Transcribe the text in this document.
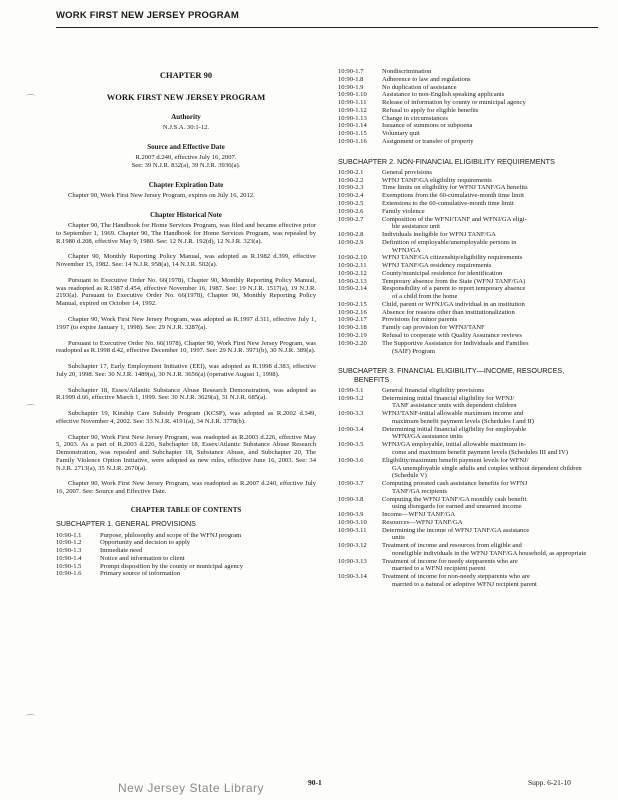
WORK FIRST NEW JERSEY PROGRAM
⌒
⌒
⌒
CHAPTER 90
WORK FIRST NEW JERSEY PROGRAM
Authority
N.J.S.A. 30:1-12.
Source and Effective Date
R.2007 d.240, effective July 16, 2007.
See: 39 N.J.R. 832(a), 39 N.J.R. 3936(a).
Chapter Expiration Date

Chapter 90, Work First New Jersey Program, expires on July 16, 2012.

Chapter Historical Note

Chapter 90, The Handbook for Home Services Program, was filed and became effective prior to September 1, 1969. Chapter 90, The Handbook for Home Services Program, was repealed by R.1980 d.208, effective May 9, 1980. See: 12 N.J.R. 192(d), 12 N.J.R. 323(a).

Chapter 90, Monthly Reporting Policy Manual, was adopted as R.1982 d.399, effective November 15, 1982. See: 14 N.J.R. 958(a), 14 N.J.R. 502(a).

Pursuant to Executive Order No. 66(1978), Chapter 90, Monthly Reporting Policy Manual, was readopted as R.1987 d.454, effective November 16, 1987. See: 19 N.J.R. 1517(a), 19 N.J.R. 2193(a). Pursuant to Executive Order No. 66(1978), Chapter 90, Monthly Reporting Policy Manual, expired on October 14, 1992.

Chapter 90, Work First New Jersey Program, was adopted as R.1997 d.311, effective July 1, 1997 (to expire January 1, 1998). See: 29 N.J.R. 3287(a).

Pursuant to Executive Order No. 66(1978), Chapter 90, Work First New Jersey Program, was readopted as R.1998 d.42, effective December 10, 1997. See: 29 N.J.R. 3971(b), 30 N.J.R. 389(a).

Subchapter 17, Early Employment Initiative (EEI), was adopted as R.1998 d.383, effective July 20, 1998. See: 30 N.J.R. 1489(a), 30 N.J.R. 3656(a) (operative August 1, 1998).

Subchapter 18, Essex/Atlantic Substance Abuse Research Demonstration, was adopted as R.1999 d.66, effective March 1, 1999. See: 30 N.J.R. 3629(a), 31 N.J.R. 685(a).

Subchapter 19, Kinship Care Subsidy Program (KCSP), was adopted as R.2002 d.349, effective November 4, 2002. See: 33 N.J.R. 4191(a), 34 N.J.R. 3778(b).

Chapter 90, Work First New Jersey Program, was readopted as R.2003 d.226, effective May 5, 2003. As a part of R.2003 d.226, Subchapter 18, Essex/Atlantic Substance Abuse Research Demonstration, was repealed and Subchapter 18, Substance Abuse, and Subchapter 20, The Family Violence Option Initiative, were adopted as new rules, effective June 16, 2003. See: 34 N.J.R. 2713(a), 35 N.J.R. 2670(a).

Chapter 90, Work First New Jersey Program, was readopted as R.2007 d.240, effective July 16, 2007. See: Source and Effective Date.

CHAPTER TABLE OF CONTENTS
SUBCHAPTER 1. GENERAL PROVISIONS
10:90-1.1	Purpose, philosophy and scope of the WFNJ program
10:90-1.2	Opportunity and decision to apply
10:90-1.3	Immediate need
10:90-1.4	Notice and information to client
10:90-1.5	Prompt disposition by the county or municipal agency
10:90-1.6	Primary source of information
10:90-1.7	Nondiscrimination
10:90-1.8	Adherence to law and regulations
10:90-1.9	No duplication of assistance
10:90-1.10	Assistance to non-English speaking applicants
10:90-1.11	Release of information by county or municipal agency
10:90-1.12	Refusal to apply for eligible benefits
10:90-1.13	Change in circumstances
10:90-1.14	Issuance of summons or subpoena
10:90-1.15	Voluntary quit
10:90-1.16	Assignment or transfer of property
SUBCHAPTER 2. NON-FINANCIAL ELIGIBILITY REQUIREMENTS
10:90-2.1	General provisions
10:90-2.2	WFNJ TANF/GA eligibility requirements
10:90-2.3	Time limits on eligibility for WFNJ TANF/GA benefits
10:90-2.4	Exemptions from the 60-cumulative-month time limit
10:90-2.5	Extensions to the 60-cumulative-month time limit
10:90-2.6	Family violence
10:90-2.7	Composition of the WFNJ/TANF and WFNJ/GA eligi-
ble assistance unit
10:90-2.8	Individuals ineligible for WFNJ TANF/GA
10:90-2.9	Definition of employable/unemployable persons in
WFNJ/GA
10:90-2.10	WFNJ TANF/GA citizenship/eligibility requirements
10:90-2.11	WFNJ TANF/GA residency requirements
10:90-2.12	County/municipal residence for identification
10:90-2.13	Temporary absence from the State (WFNJ TANF/GA)
10:90-2.14	Responsibility of a parent to report temporary absence
of a child from the home
10:90-2.15	Child, parent or WFNJ/GA individual in an institution
10:90-2.16	Absence for reasons other than institutionalization
10:90-2.17	Provisions for minor parents
10:90-2.18	Family cap provision for WFNJ/TANF
10:90-2.19	Refusal to cooperate with Quality Assurance reviews
10:90-2.20	The Supportive Assistance for Individuals and Families
(SAIF) Program
SUBCHAPTER 3. FINANCIAL ELIGIBILITY—INCOME, RESOURCES, BENEFITS
10:90-3.1	General financial eligibility provisions
10:90-3.2	Determining initial financial eligibility for WFNJ/
TANF assistance units with dependent children
10:90-3.3	WFNJ/TANF-initial allowable maximum income and
maximum benefit payment levels (Schedules I and II)
10:90-3.4	Determining initial financial eligibility for employable
WFNJ/GA assistance units
10:90-3.5	WFNJ/GA employable, initial allowable maximum in-
come and maximum benefit payment levels (Schedules III and IV)
10:90-3.6	Eligibility/maximum benefit payment levels for WFNJ/
GA unemployable single adults and couples without dependent children (Schedule V)
10:90-3.7	Computing prorated cash assistance benefits for WFNJ
TANF/GA recipients
10:90-3.8	Computing the WFNJ TANF/GA monthly cash benefit
using disregards for earned and unearned income
10:90-3.9	Income—WFNJ TANF/GA
10:90-3.10	Resources—WFNJ TANF/GA
10:90-3.11	Determining the income of WFNJ TANF/GA assistance
units
10:90-3.12	Treatment of income and resources from eligible and
noneligible individuals in the WFNJ TANF/GA household, as appropriate
10:90-3.13	Treatment of income for needy stepparents who are
married to a WFNJ recipient parent
10:90-3.14	Treatment of income for non-needy stepparents who are
married to a natural or adoptive WFNJ recipient parent
New Jersey State Library	90-1	Supp. 6-21-10
